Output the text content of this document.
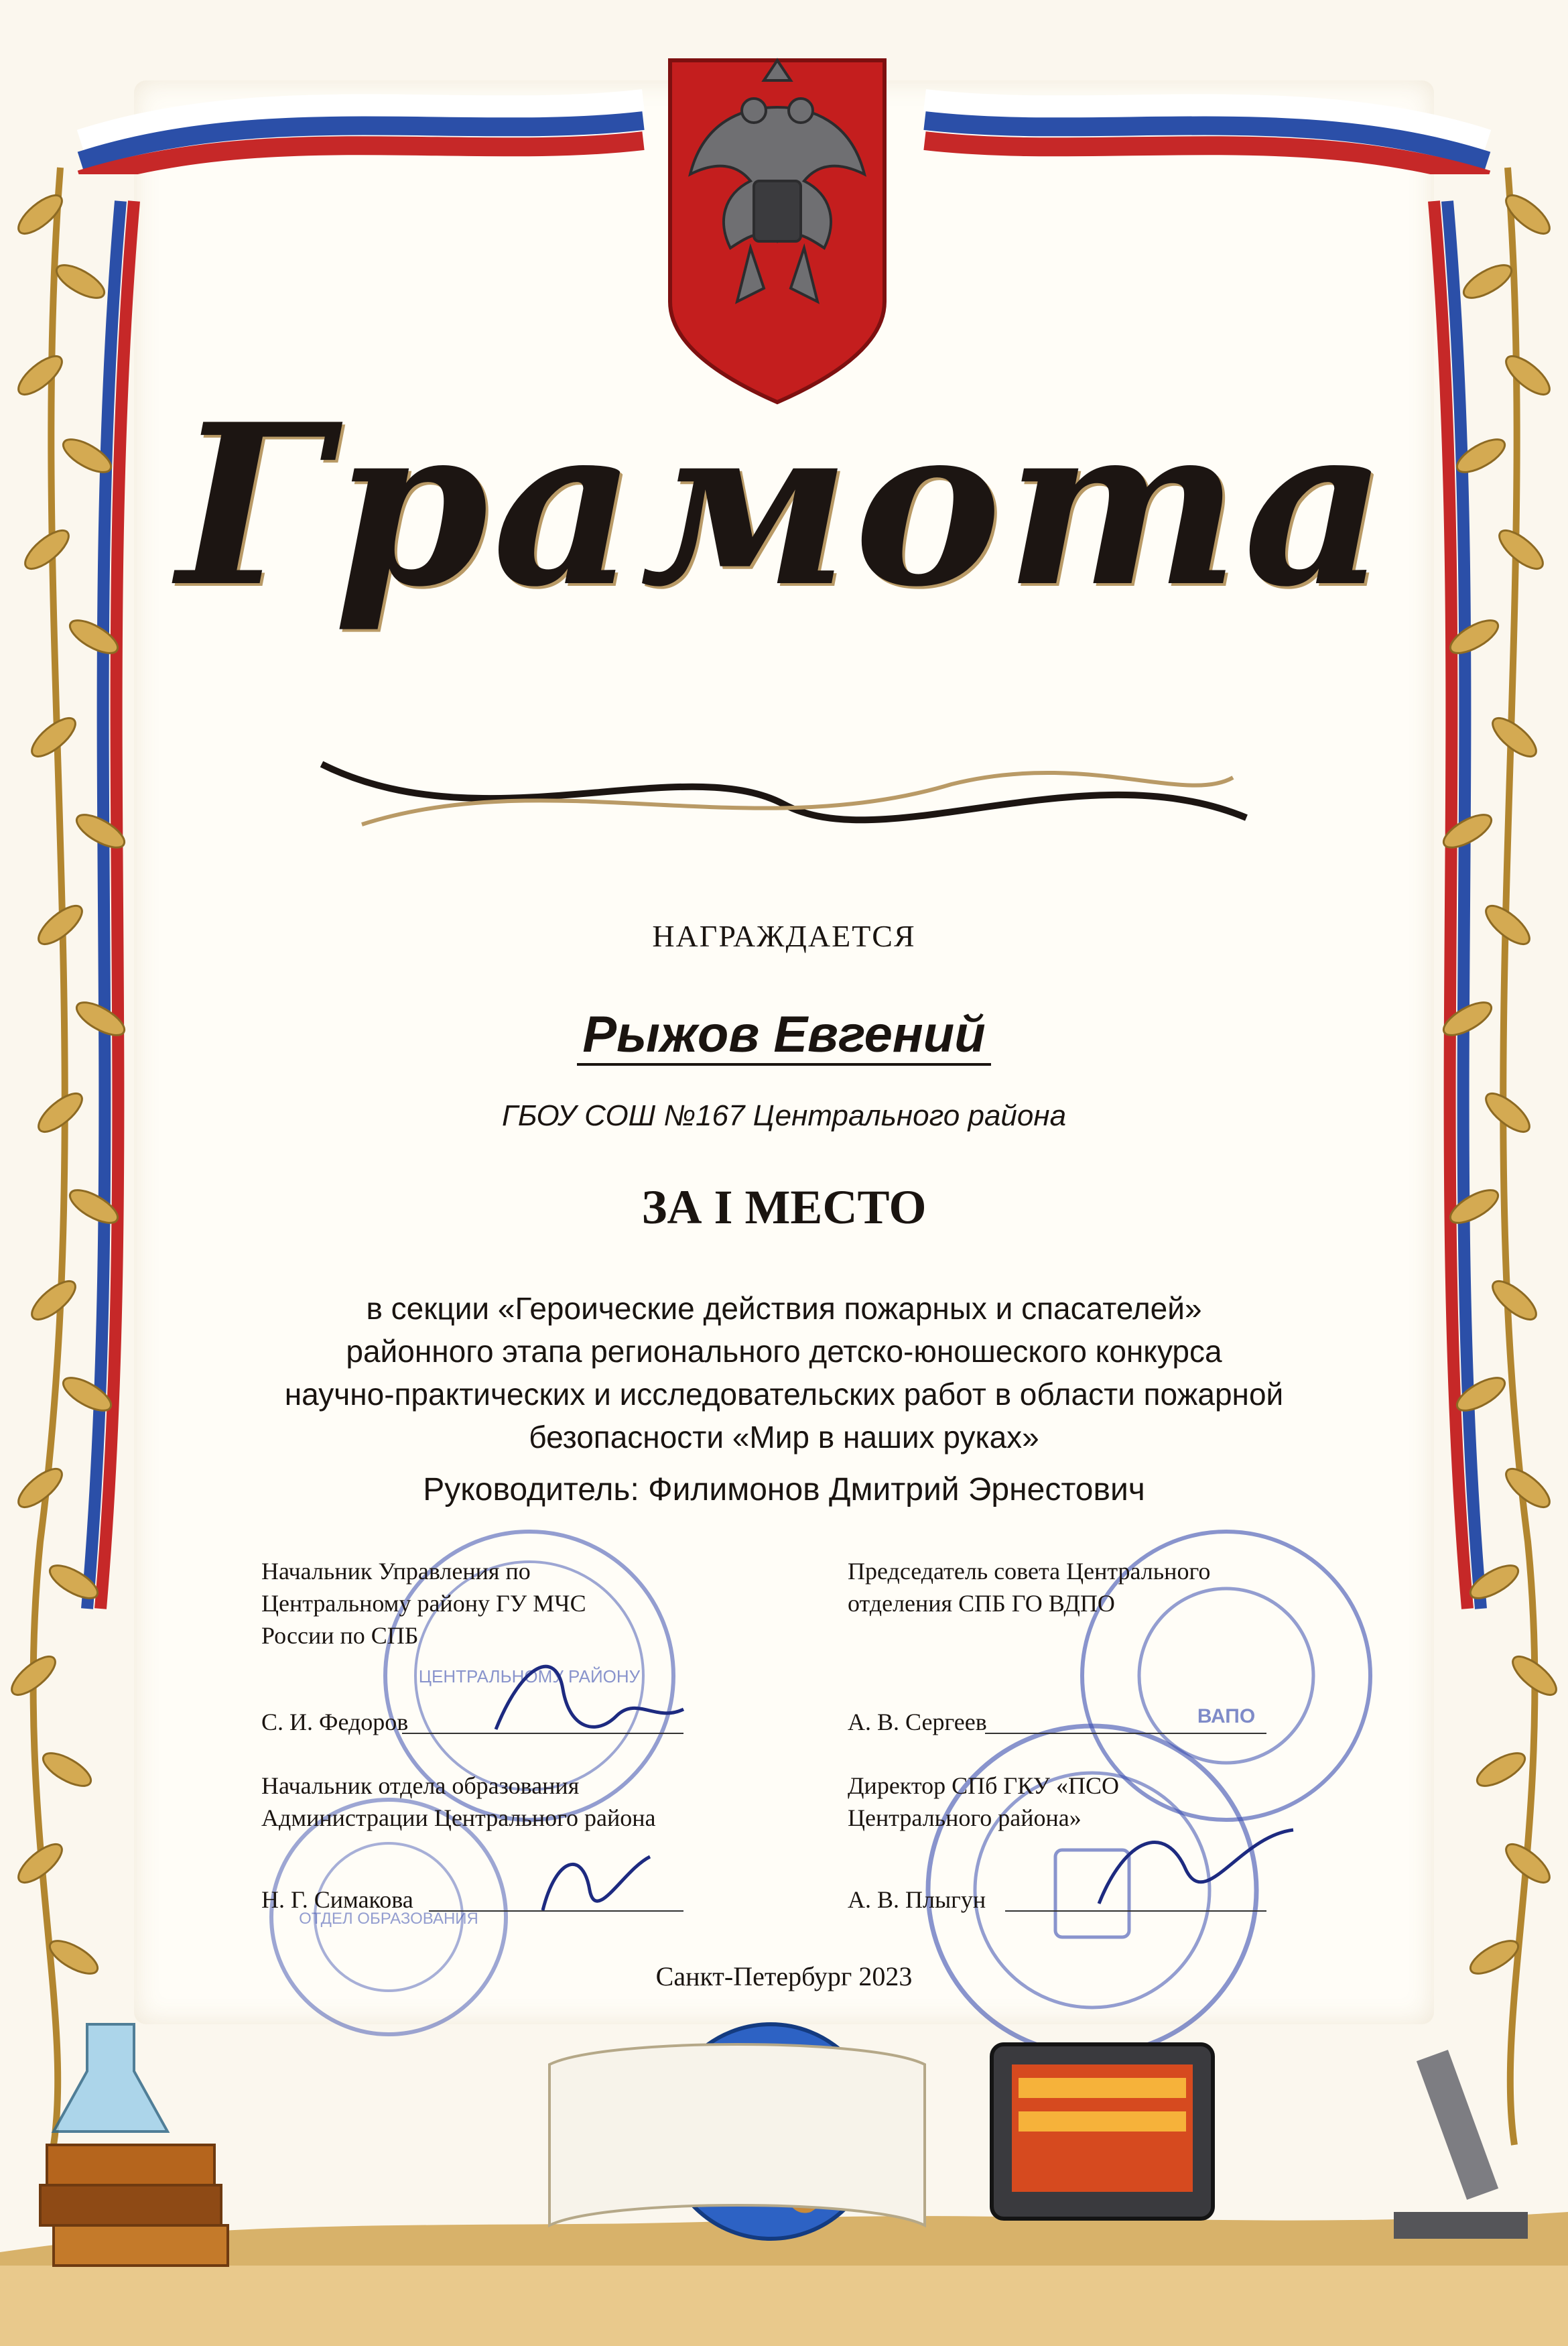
Грамота
НАГРАЖДАЕТСЯ
Рыжов Евгений
ГБОУ СОШ №167 Центрального района
ЗА I МЕСТО
в секции «Героические действия пожарных и спасателей»
районного этапа регионального детско-юношеского конкурса
научно-практических и исследовательских работ в области пожарной
безопасности «Мир в наших руках»
Руководитель: Филимонов Дмитрий Эрнестович
ЦЕНТРАЛЬНОМУ РАЙОНУ
ВАПО
ОТДЕЛ ОБРАЗОВАНИЯ
Начальник Управления по
Центральному району ГУ МЧС
России по СПБ
С. И. Федоров
Председатель совета Центрального
отделения СПБ ГО ВДПО
А. В. Сергеев
Начальник отдела образования
Администрации Центрального района
Н. Г. Симакова
Директор СПб ГКУ «ПСО
Центрального района»
А. В. Плыгун
Санкт-Петербург 2023
